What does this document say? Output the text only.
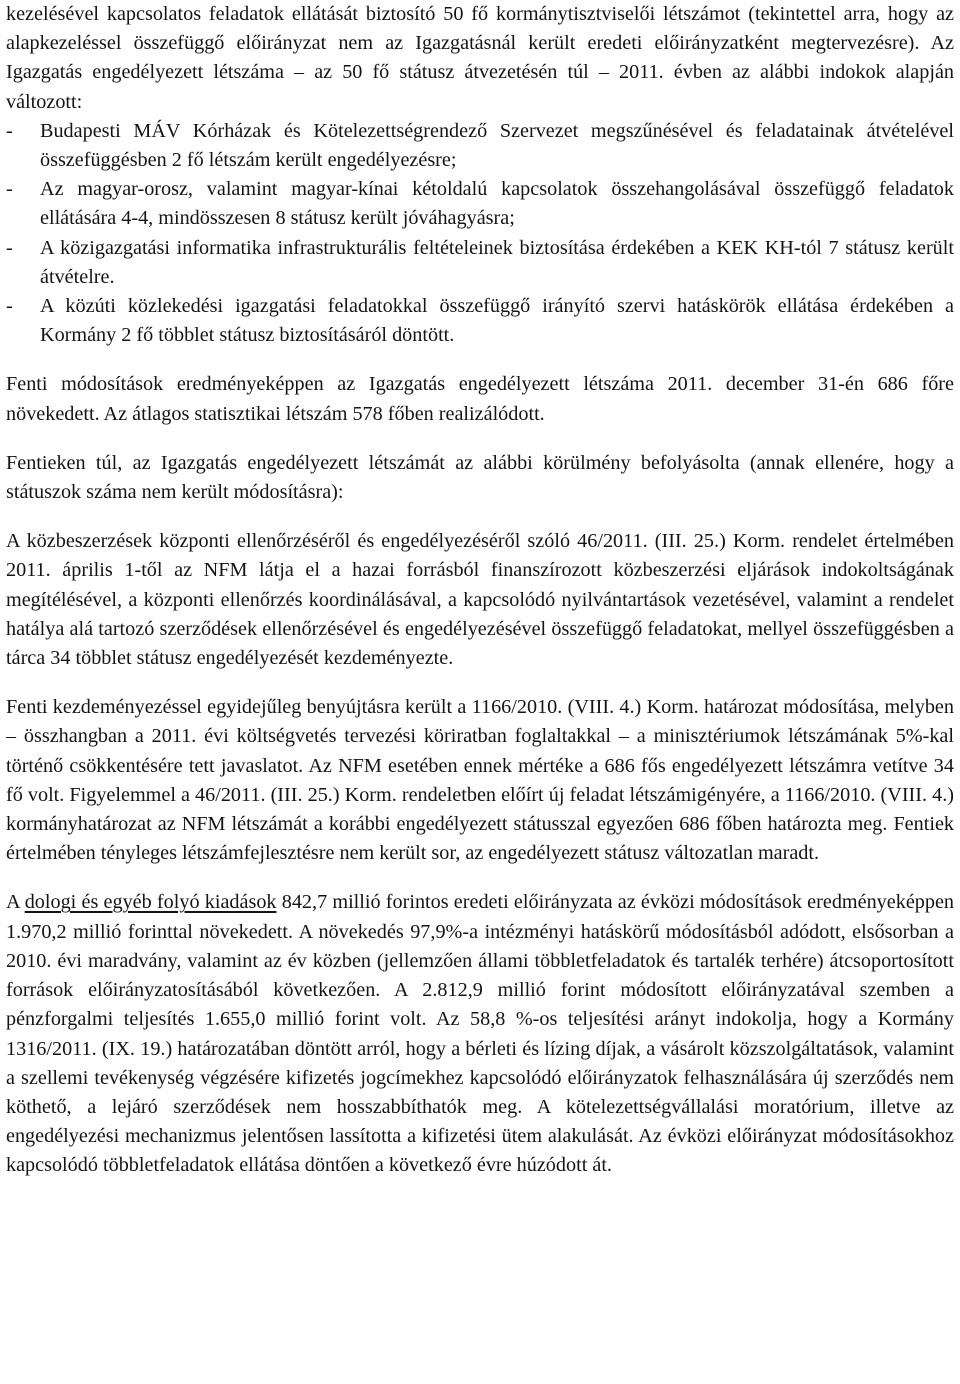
kezelésével kapcsolatos feladatok ellátását biztosító 50 fő kormánytisztviselői létszámot (tekintettel arra, hogy az alapkezeléssel összefüggő előirányzat nem az Igazgatásnál került eredeti előirányzatként megtervezésre). Az Igazgatás engedélyezett létszáma – az 50 fő státusz átvezetésén túl – 2011. évben az alábbi indokok alapján változott:

- Budapesti MÁV Kórházak és Kötelezettségrendező Szervezet megszűnésével és feladatainak átvételével összefüggésben 2 fő létszám került engedélyezésre;
- Az magyar-orosz, valamint magyar-kínai kétoldalú kapcsolatok összehangolásával összefüggő feladatok ellátására 4-4, mindösszesen 8 státusz került jóváhagyásra;
- A közigazgatási informatika infrastrukturális feltételeinek biztosítása érdekében a KEK KH-tól 7 státusz került átvételre.
- A közúti közlekedési igazgatási feladatokkal összefüggő irányító szervi hatáskörök ellátása érdekében a Kormány 2 fő többlet státusz biztosításáról döntött.

Fenti módosítások eredményeképpen az Igazgatás engedélyezett létszáma 2011. december 31-én 686 főre növekedett. Az átlagos statisztikai létszám 578 főben realizálódott.

Fentieken túl, az Igazgatás engedélyezett létszámát az alábbi körülmény befolyásolta (annak ellenére, hogy a státuszok száma nem került módosításra):

A közbeszerzések központi ellenőrzéséről és engedélyezéséről szóló 46/2011. (III. 25.) Korm. rendelet értelmében 2011. április 1-től az NFM látja el a hazai forrásból finanszírozott közbeszerzési eljárások indokoltságának megítélésével, a központi ellenőrzés koordinálásával, a kapcsolódó nyilvántartások vezetésével, valamint a rendelet hatálya alá tartozó szerződések ellenőrzésével és engedélyezésével összefüggő feladatokat, mellyel összefüggésben a tárca 34 többlet státusz engedélyezését kezdeményezte.

Fenti kezdeményezéssel egyidejűleg benyújtásra került a 1166/2010. (VIII. 4.) Korm. határozat módosítása, melyben – összhangban a 2011. évi költségvetés tervezési köriratban foglaltakkal – a minisztériumok létszámának 5%-kal történő csökkentésére tett javaslatot. Az NFM esetében ennek mértéke a 686 fős engedélyezett létszámra vetítve 34 fő volt. Figyelemmel a 46/2011. (III. 25.) Korm. rendeletben előírt új feladat létszámigényére, a 1166/2010. (VIII. 4.) kormányhatározat az NFM létszámát a korábbi engedélyezett státusszal egyezően 686 főben határozta meg. Fentiek értelmében tényleges létszámfejlesztésre nem került sor, az engedélyezett státusz változatlan maradt.

A dologi és egyéb folyó kiadások 842,7 millió forintos eredeti előirányzata az évközi módosítások eredményeképpen 1.970,2 millió forinttal növekedett. A növekedés 97,9%-a intézményi hatáskörű módosításból adódott, elsősorban a 2010. évi maradvány, valamint az év közben (jellemzően állami többletfeladatok és tartalék terhére) átcsoportosított források előirányzatosításából következően. A 2.812,9 millió forint módosított előirányzatával szemben a pénzforgalmi teljesítés 1.655,0 millió forint volt. Az 58,8 %-os teljesítési arányt indokolja, hogy a Kormány 1316/2011. (IX. 19.) határozatában döntött arról, hogy a bérleti és lízing díjak, a vásárolt közszolgáltatások, valamint a szellemi tevékenység végzésére kifizetés jogcímekhez kapcsolódó előirányzatok felhasználására új szerződés nem köthető, a lejáró szerződések nem hosszabbíthatók meg. A kötelezettségvállalási moratórium, illetve az engedélyezési mechanizmus jelentősen lassította a kifizetési ütem alakulását. Az évközi előirányzat módosításokhoz kapcsolódó többletfeladatok ellátása döntően a következő évre húzódott át.
